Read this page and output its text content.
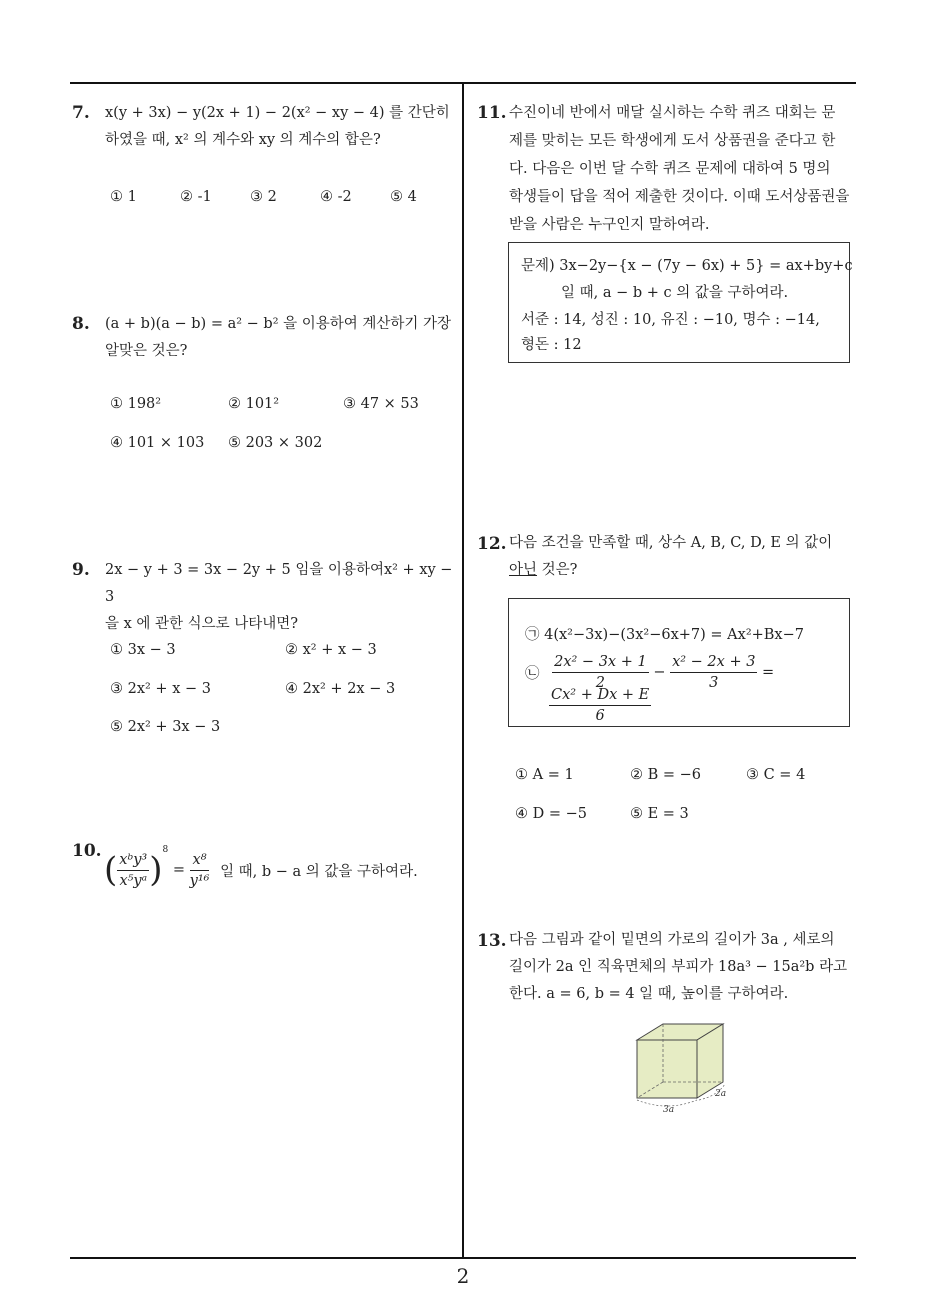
7. x(y + 3x) − y(2x + 1) − 2(x² − xy − 4) 를 간단히
하였을 때, x² 의 계수와 xy 의 계수의 합은?
① 1	② -1	③ 2	④ -2	⑤ 4
8. (a + b)(a − b) = a² − b² 을 이용하여 계산하기 가장
알맞은 것은?
① 198²	② 101²	③ 47 × 53
④ 101 × 103 ⑤ 203 × 302
9. 2x − y + 3 = 3x − 2y + 5 임을 이용하여x² + xy − 3
을 x 에 관한 식으로 나타내면?
① 3x − 3	② x² + x − 3
③ 2x² + x − 3	④ 2x² + 2x − 3
⑤ 2x² + 3x − 3
10. ( $\frac{\text{xᵇy³}}{\text{x⁵yᵃ}} )^8 = \frac{\text{x⁸}}{\text{y¹⁶}}$ 일 때, b − a 의 값을 구하여라.
11. 수진이네 반에서 매달 실시하는 수학 퀴즈 대회는 문
제를 맞히는 모든 학생에게 도서 상품권을 준다고 한
다. 다음은 이번 달 수학 퀴즈 문제에 대하여 5 명의
학생들이 답을 적어 제출한 것이다. 이때 도서상품권을
받을 사람은 누구인지 말하여라.
문제) 3x−2y−{x − (7y − 6x) + 5} = ax+by+c
일 때, a − b + c 의 값을 구하여라.
서준 : 14, 성진 : 10, 유진 : −10, 명수 : −14,
형돈 : 12
12. 다음 조건을 만족할 때, 상수 A, B, C, D, E 의 값이
아닌 것은?
㉠ 4(x²−3x)−(3x²−6x+7) = Ax²+Bx−7
㉡ $\frac{\text{2x² − 3x + 1}}{2} - \frac{\text{x² − 2x + 3}}{3}$ =
$\frac{\text{Cx² + Dx + E}}{6}$
① A = 1	② B = −6	③ C = 4
④ D = −5	⑤ E = 3
13. 다음 그림과 같이 밑면의 가로의 길이가 3a , 세로의
길이가 2a 인 직육면체의 부피가 18a³ − 15a²b 라고
한다. a = 6, b = 4 일 때, 높이를 구하여라.
3a
2a
2
